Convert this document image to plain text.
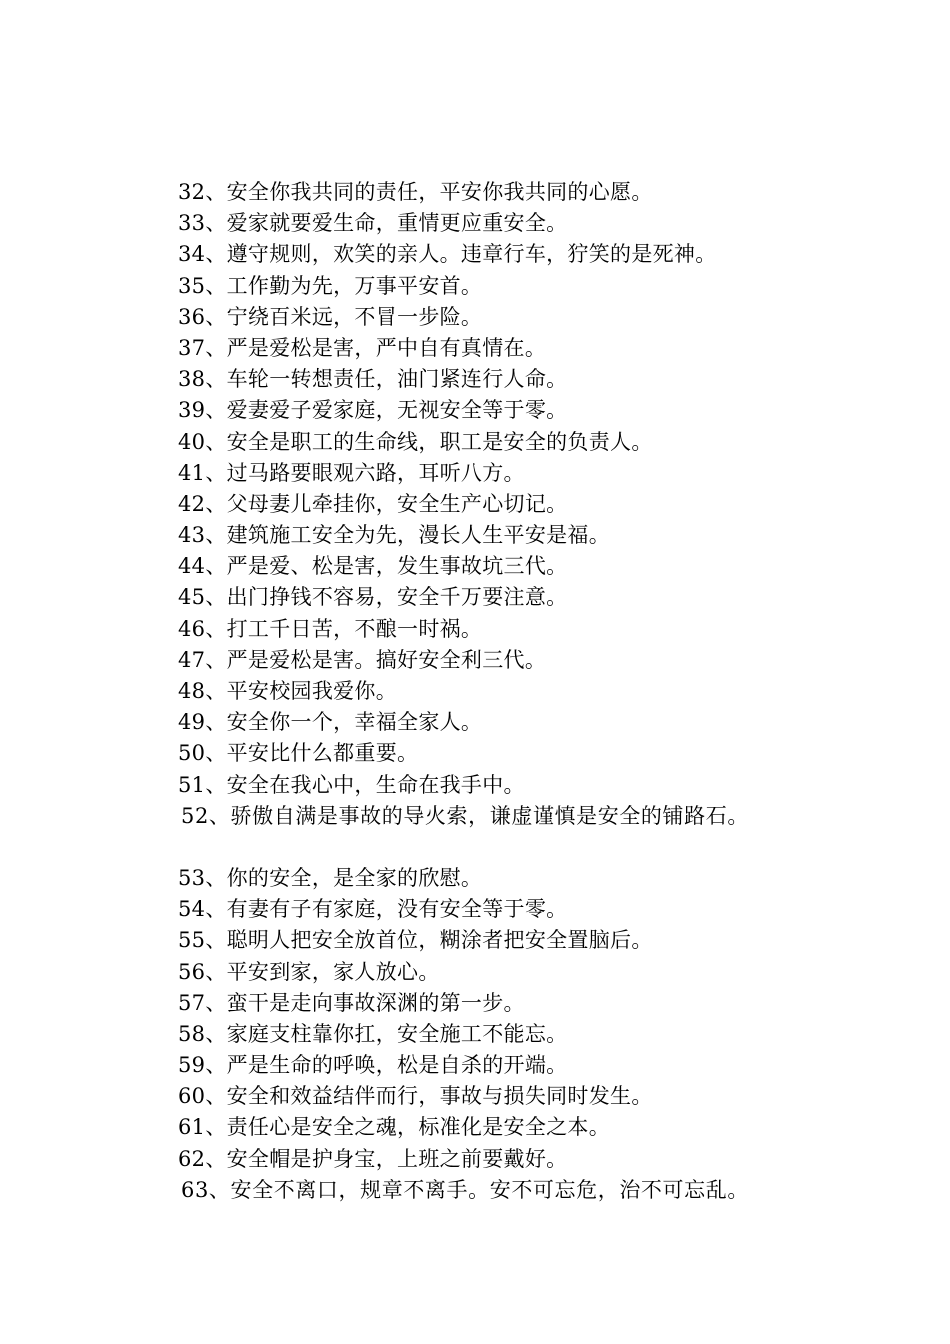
32、安全你我共同的责任，平安你我共同的心愿。
33、爱家就要爱生命，重情更应重安全。
34、遵守规则，欢笑的亲人。违章行车，狞笑的是死神。
35、工作勤为先，万事平安首。
36、宁绕百米远，不冒一步险。
37、严是爱松是害，严中自有真情在。
38、车轮一转想责任，油门紧连行人命。
39、爱妻爱子爱家庭，无视安全等于零。
40、安全是职工的生命线，职工是安全的负责人。
41、过马路要眼观六路，耳听八方。
42、父母妻儿牵挂你，安全生产心切记。
43、建筑施工安全为先，漫长人生平安是福。
44、严是爱、松是害，发生事故坑三代。
45、出门挣钱不容易，安全千万要注意。
46、打工千日苦，不酿一时祸。
47、严是爱松是害。搞好安全利三代。
48、平安校园我爱你。
49、安全你一个，幸福全家人。
50、平安比什么都重要。
51、安全在我心中，生命在我手中。
52、骄傲自满是事故的导火索，谦虚谨慎是安全的铺路石。
53、你的安全，是全家的欣慰。
54、有妻有子有家庭，没有安全等于零。
55、聪明人把安全放首位，糊涂者把安全置脑后。
56、平安到家，家人放心。
57、蛮干是走向事故深渊的第一步。
58、家庭支柱靠你扛，安全施工不能忘。
59、严是生命的呼唤，松是自杀的开端。
60、安全和效益结伴而行，事故与损失同时发生。
61、责任心是安全之魂，标准化是安全之本。
62、安全帽是护身宝，上班之前要戴好。
63、安全不离口，规章不离手。安不可忘危，治不可忘乱。
